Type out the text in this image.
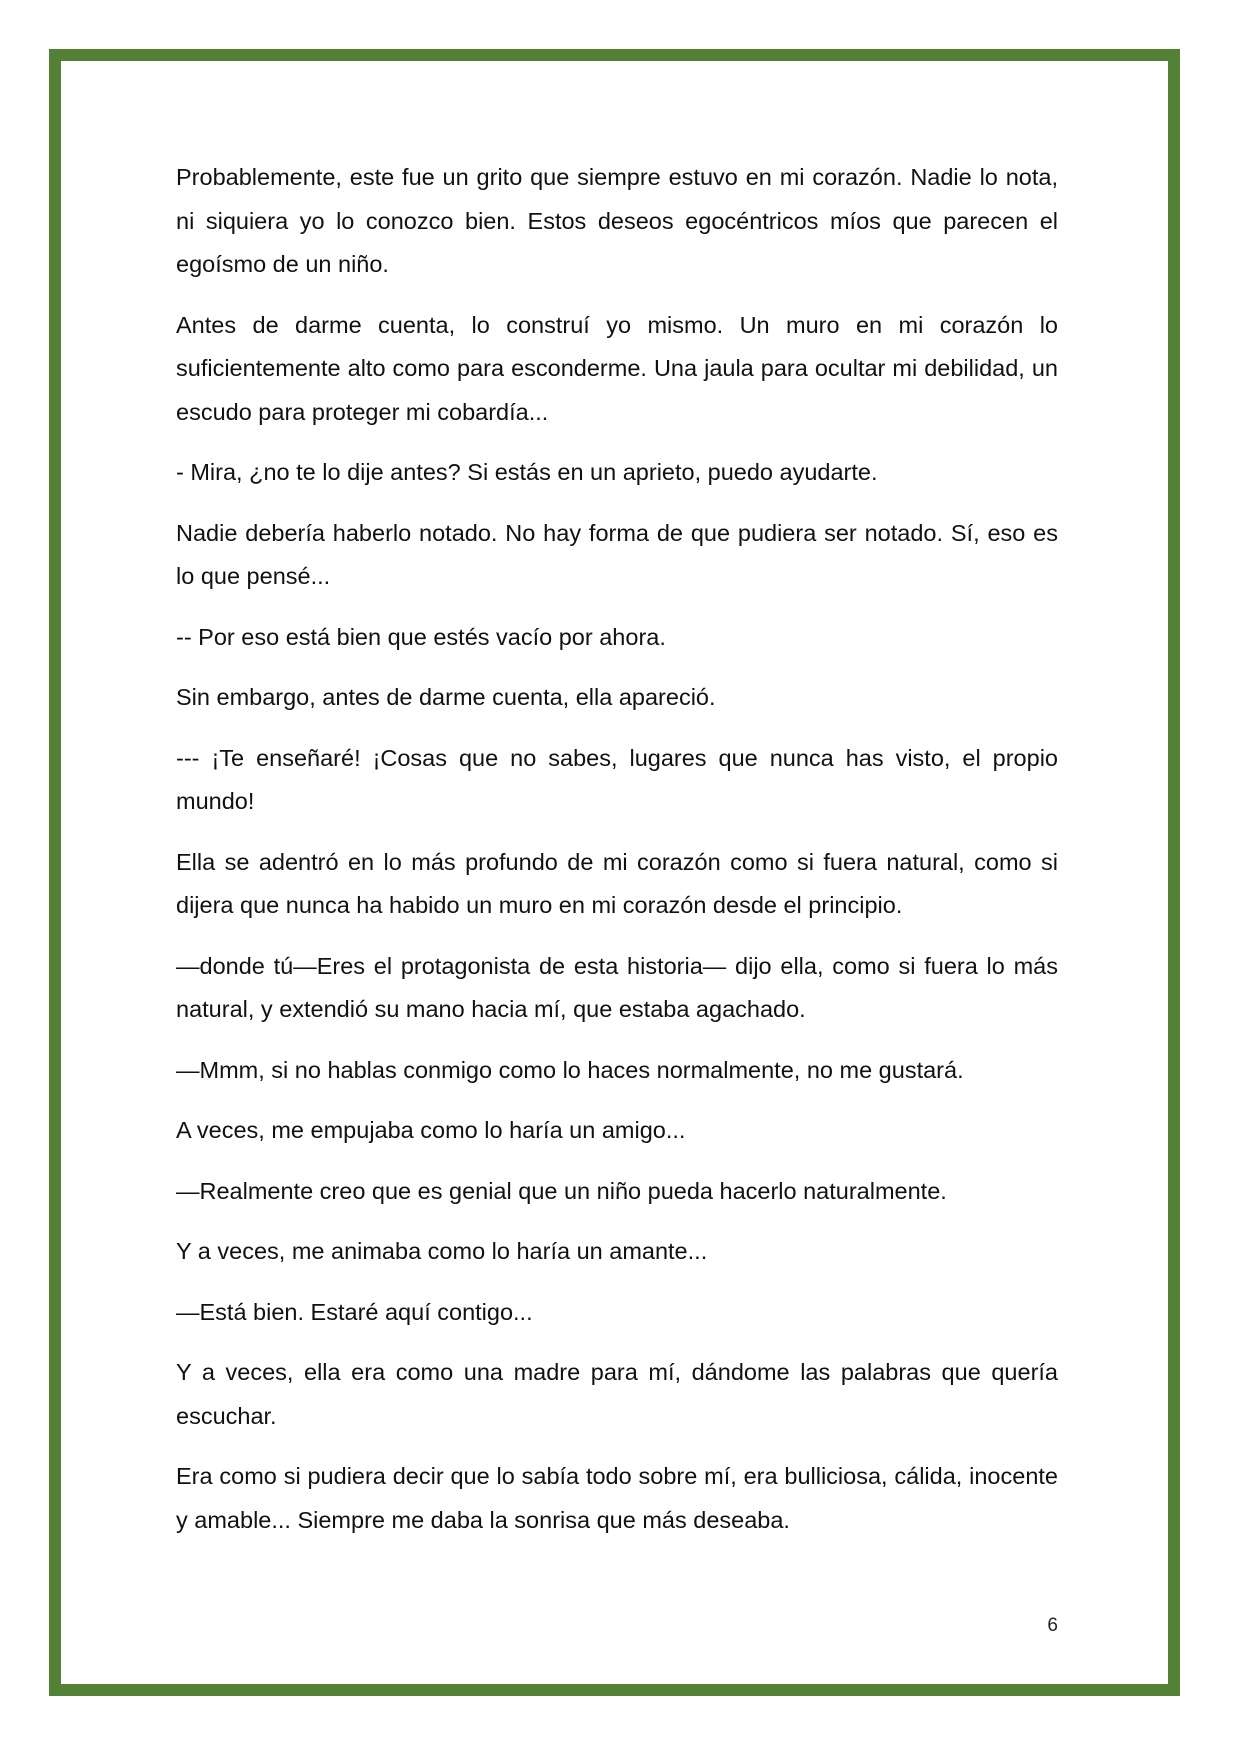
Probablemente, este fue un grito que siempre estuvo en mi corazón. Nadie lo nota, ni siquiera yo lo conozco bien. Estos deseos egocéntricos míos que parecen el egoísmo de un niño.

Antes de darme cuenta, lo construí yo mismo. Un muro en mi corazón lo suficientemente alto como para esconderme. Una jaula para ocultar mi debilidad, un escudo para proteger mi cobardía...

- Mira, ¿no te lo dije antes? Si estás en un aprieto, puedo ayudarte.

Nadie debería haberlo notado. No hay forma de que pudiera ser notado. Sí, eso es lo que pensé...

-- Por eso está bien que estés vacío por ahora.

Sin embargo, antes de darme cuenta, ella apareció.

--- ¡Te enseñaré! ¡Cosas que no sabes, lugares que nunca has visto, el propio mundo!

Ella se adentró en lo más profundo de mi corazón como si fuera natural, como si dijera que nunca ha habido un muro en mi corazón desde el principio.

—donde tú—Eres el protagonista de esta historia— dijo ella, como si fuera lo más natural, y extendió su mano hacia mí, que estaba agachado.

—Mmm, si no hablas conmigo como lo haces normalmente, no me gustará.

A veces, me empujaba como lo haría un amigo...

—Realmente creo que es genial que un niño pueda hacerlo naturalmente.

Y a veces, me animaba como lo haría un amante...

—Está bien. Estaré aquí contigo...

Y a veces, ella era como una madre para mí, dándome las palabras que quería escuchar.

Era como si pudiera decir que lo sabía todo sobre mí, era bulliciosa, cálida, inocente y amable... Siempre me daba la sonrisa que más deseaba.

6
